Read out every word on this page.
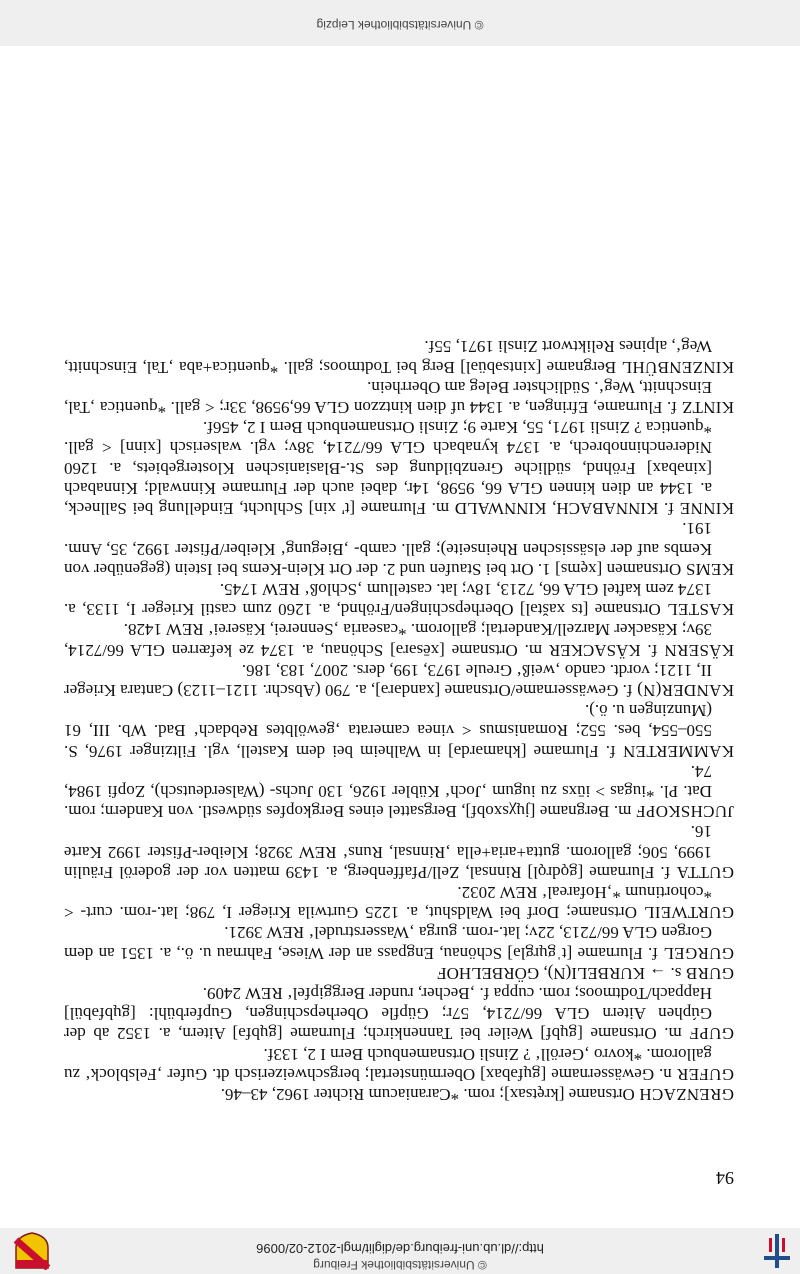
© Universitätsbibliothek Freiburg
http://dl.ub.uni-freiburg.de/diglit/mgl-2012-02/0096
94

GRENZACH Ortsname [krętsax]; rom. *Caraniacum Richter 1962, 43–46.

GUFER n. Gewässername [gųfəbax] Obermünstertal; bergschweizerisch dt. Gufer ‚Felsblock‘ zu gallorom. *kovro ‚Geröll‘ ? Zinsli Ortsnamenbuch Bern I 2, 133f.

GUPF m. Ortsname [gųbf] Weiler bei Tannenkirch; Flurname [gųbfə] Aitern, a. 1352 ab der Gúphen Aitern GLA 66/7214, 57r; Güpfle Oberhepschingen, Gupferbühl: [gųbfəbül] Happach/Todtmoos; rom. cuppa f. ‚Becher, runder Berggipfel‘ REW 2409.

GURB s. → KURBELI(N), GÖRBELHOF

GURGEL f. Flurname [tˈgųrglə] Schönau, Engpass an der Wiese, Fahrnau u. ö., a. 1351 an dem Gorgen GLA 66/7213, 22v; lat.-rom. gurga ‚Wasserstrudel‘ REW 3921.

GURTWEIL Ortsname; Dorf bei Waldshut, a. 1225 Gurtwila Krieger I, 798; lat.-rom. curt- < *cohortinum *‚Hofareal‘ REW 2032.

GUTTA f. Flurname [gǫdrǫl] Rinnsal, Zell/Pfaffenberg, a. 1439 matten vor der goderöl Fräulin 1999, 506; gallorom. gutta+aria+ella ‚Rinnsal, Runs‘ REW 3928; Kleiber-Pfister 1992 Karte 16.

JUCHSKOPF m. Bergname [jųχsxobf], Bergsattel eines Bergkopfes südwestl. von Kandern; rom. Dat. Pl. *iugas > iūxs zu iugum ‚Joch‘ Kübler 1926, 130 Juchs- (Walserdeutsch), Zopfi 1984, 74.

KAMMERTEN f. Flurname [khamərdə] in Walheim bei dem Kastell, vgl. Filtzinger 1976, S. 550–554, bes. 552; Romanismus < vinea camerata ‚gewölbtes Rebdach‘ Bad. Wb. III, 61 (Munzingen u. ö.).

KANDER(N) f. Gewässername/Ortsname [xandərə], a. 790 (Abschr. 1121–1123) Cantara Krieger II, 1121; vordt. cando ‚weiß‘ Greule 1973, 199, ders. 2007, 183, 186.

KÄSERN f. KÄSACKER m. Ortsname [xēsərə] Schönau, a. 1374 ze kefærren GLA 66/7214, 39v; Käsacker Marzell/Kandertal; gallorom. *casearia ‚Sennerei, Käserei‘ REW 1428.

KASTEL Ortsname [ts xaštəl] Oberhepschingen/Fröhnd, a. 1260 zum castil Krieger I, 1133, a. 1374 zem kaftel GLA 66, 7213, 18v; lat. castellum ‚Schloß‘ REW 1745.

KEMS Ortsnamen [xęms] 1. Ort bei Staufen und 2. der Ort Klein-Kems bei Istein (gegenüber von Kembs auf der elsässischen Rheinseite); gall. camb- ‚Biegung‘ Kleiber/Pfister 1992, 35, Anm. 191.

KINNE f. KINNABACH, KINNWALD m. Flurname [t' xin] Schlucht, Eindellung bei Sallneck, a. 1344 an dien kinnen GLA 66, 9598, 14r, dabei auch der Flurname Kinnwald; Kinnabach [xinəbax] Fröhnd, südliche Grenzbildung des St.-Blasianischen Klostergebiets, a. 1260 Niderenchinnobrech, a. 1374 kynabach GLA 66/7214, 38v; vgl. walserisch [xinn] < gall. *quentica ? Zinsli 1971, 55, Karte 9; Zinsli Ortsnamenbuch Bern I 2, 456f.

KINTZ f. Flurname, Efringen, a. 1344 uf dien kintzzon GLA 66,9598, 33r; < gall. *quentica ‚Tal, Einschnitt, Weg‘. Südlichster Beleg am Oberrhein.

KINZENBÜHL Bergname [xintsəbüəl] Berg bei Todtmoos; gall. *quentica+aba ‚Tal, Einschnitt, Weg‘, alpines Reliktwort Zinsli 1971, 55f.

© Universitätsbibliothek Leipzig
